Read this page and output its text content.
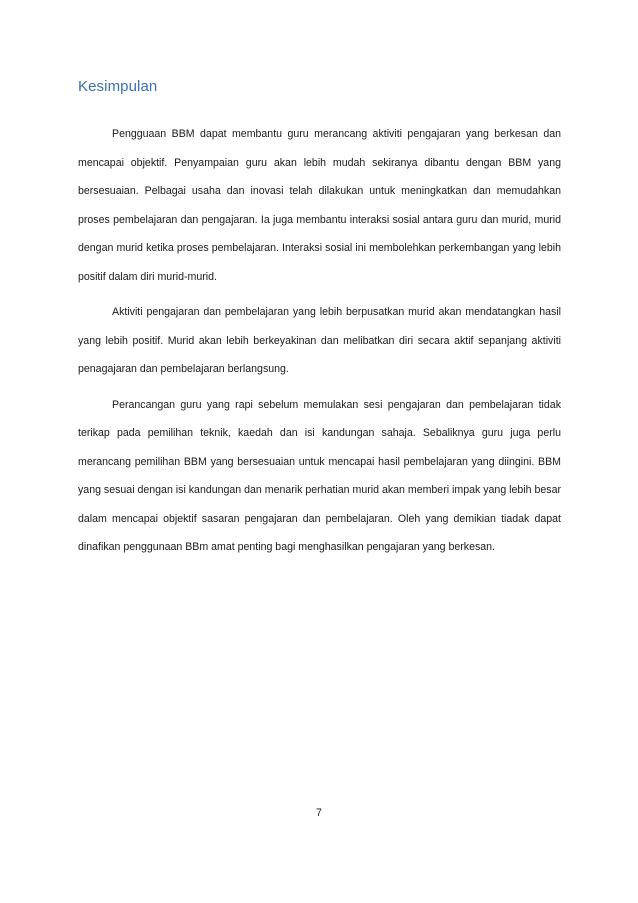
Kesimpulan

Pengguaan BBM dapat membantu guru merancang aktiviti pengajaran yang berkesan dan mencapai objektif. Penyampaian guru akan lebih mudah sekiranya dibantu dengan BBM yang bersesuaian. Pelbagai usaha dan inovasi telah dilakukan untuk meningkatkan dan memudahkan proses pembelajaran dan pengajaran. Ia juga membantu interaksi sosial antara guru dan murid, murid dengan murid ketika proses pembelajaran. Interaksi sosial ini membolehkan perkembangan yang lebih positif dalam diri murid-murid.

Aktiviti pengajaran dan pembelajaran yang lebih berpusatkan murid akan mendatangkan hasil yang lebih positif. Murid akan lebih berkeyakinan dan melibatkan diri secara aktif sepanjang aktiviti penagajaran dan pembelajaran berlangsung.

Perancangan guru yang rapi sebelum memulakan sesi pengajaran dan pembelajaran tidak terikap pada pemilihan teknik, kaedah dan isi kandungan sahaja. Sebaliknya guru juga perlu merancang pemilihan BBM yang bersesuaian untuk mencapai hasil pembelajaran yang diingini. BBM yang sesuai dengan isi kandungan dan menarik perhatian murid akan memberi impak yang lebih besar dalam mencapai objektif sasaran pengajaran dan pembelajaran. Oleh yang demikian tiadak dapat dinafikan penggunaan BBm amat penting bagi menghasilkan pengajaran yang berkesan.

7
